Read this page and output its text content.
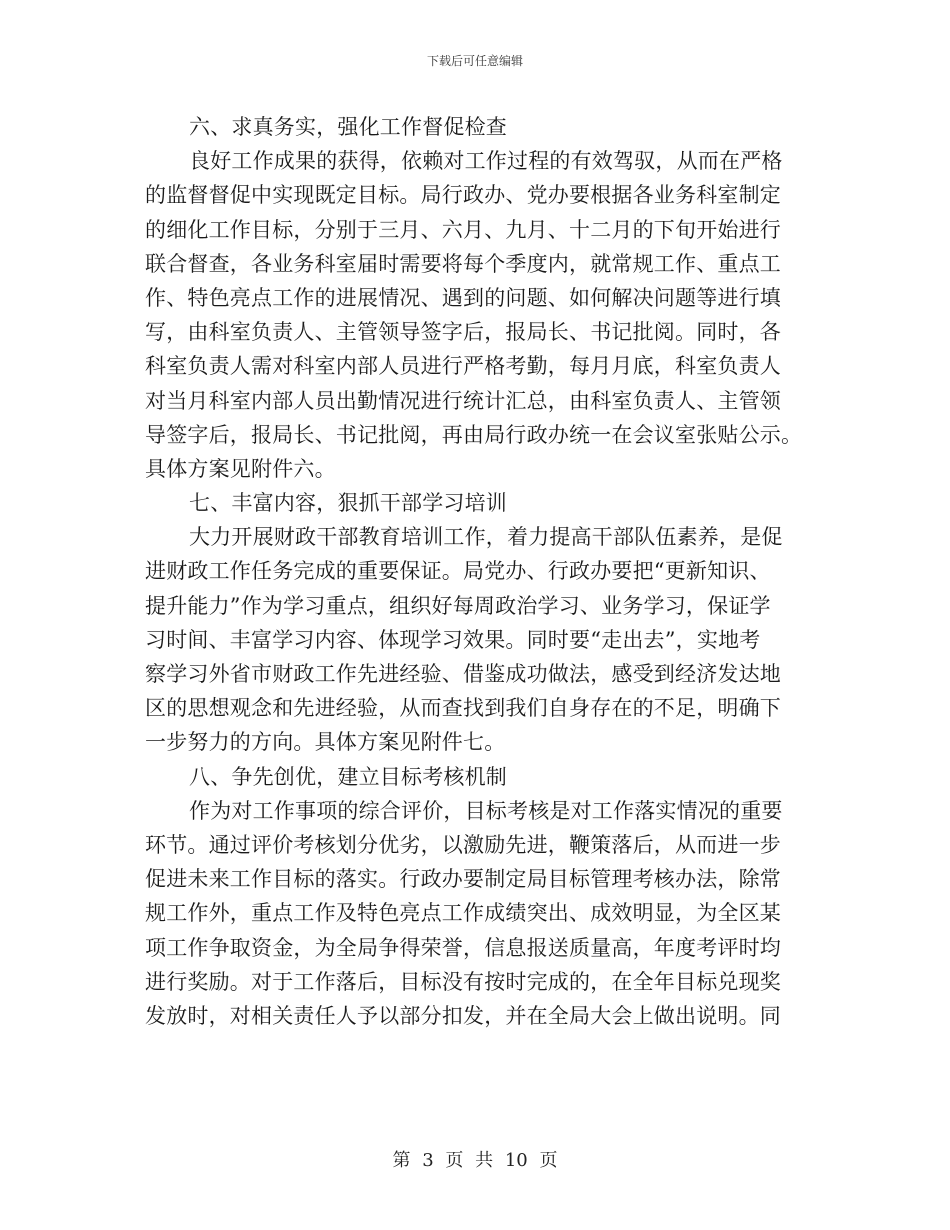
下载后可任意编辑
六、求真务实，强化工作督促检查
良好工作成果的获得，依赖对工作过程的有效驾驭，从而在严格
的监督督促中实现既定目标。局行政办、党办要根据各业务科室制定
的细化工作目标，分别于三月、六月、九月、十二月的下旬开始进行
联合督查，各业务科室届时需要将每个季度内，就常规工作、重点工
作、特色亮点工作的进展情况、遇到的问题、如何解决问题等进行填
写，由科室负责人、主管领导签字后，报局长、书记批阅。同时，各
科室负责人需对科室内部人员进行严格考勤，每月月底，科室负责人
对当月科室内部人员出勤情况进行统计汇总，由科室负责人、主管领
导签字后，报局长、书记批阅，再由局行政办统一在会议室张贴公示。
具体方案见附件六。
七、丰富内容，狠抓干部学习培训
大力开展财政干部教育培训工作，着力提高干部队伍素养，是促
进财政工作任务完成的重要保证。局党办、行政办要把“更新知识、
提升能力”作为学习重点，组织好每周政治学习、业务学习，保证学
习时间、丰富学习内容、体现学习效果。同时要“走出去”，实地考
察学习外省市财政工作先进经验、借鉴成功做法，感受到经济发达地
区的思想观念和先进经验，从而查找到我们自身存在的不足，明确下
一步努力的方向。具体方案见附件七。
八、争先创优，建立目标考核机制
作为对工作事项的综合评价，目标考核是对工作落实情况的重要
环节。通过评价考核划分优劣，以激励先进，鞭策落后，从而进一步
促进未来工作目标的落实。行政办要制定局目标管理考核办法，除常
规工作外，重点工作及特色亮点工作成绩突出、成效明显，为全区某
项工作争取资金，为全局争得荣誉，信息报送质量高，年度考评时均
进行奖励。对于工作落后，目标没有按时完成的，在全年目标兑现奖
发放时，对相关责任人予以部分扣发，并在全局大会上做出说明。同
第 3 页 共 10 页
